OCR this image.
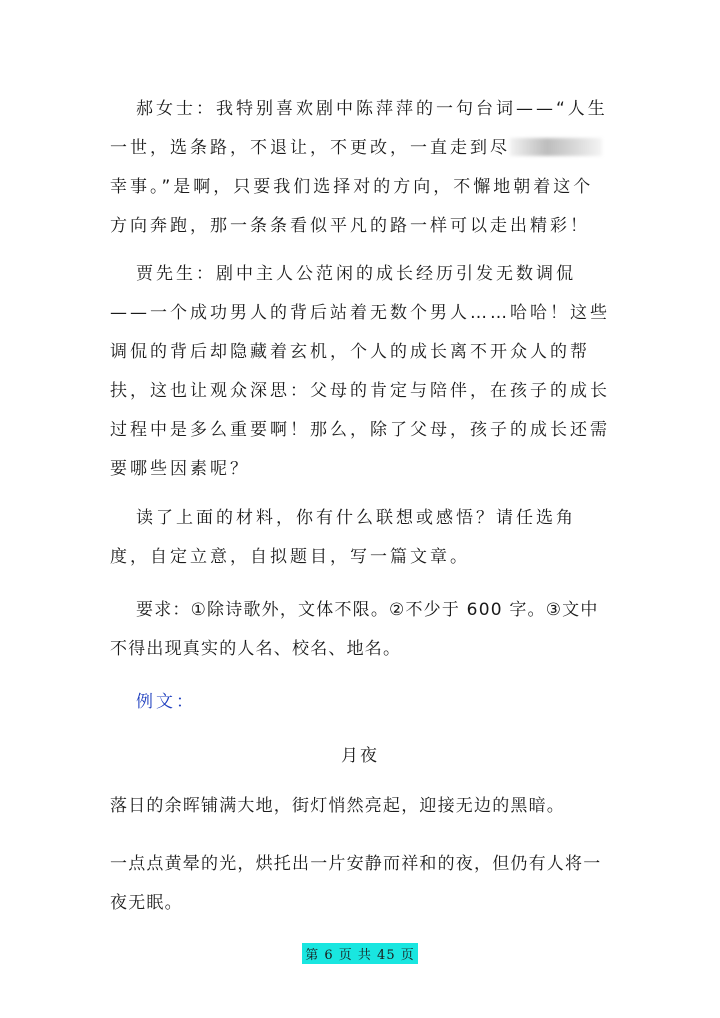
郝女士：我特别喜欢剧中陈萍萍的一句台词——“人生一世，选条路，不退让，不更改，一直走到尽幸事。”是啊，只要我们选择对的方向，不懈地朝着这个方向奔跑，那一条条看似平凡的路一样可以走出精彩！

贾先生：剧中主人公范闲的成长经历引发无数调侃——一个成功男人的背后站着无数个男人……哈哈！这些调侃的背后却隐藏着玄机，个人的成长离不开众人的帮扶，这也让观众深思：父母的肯定与陪伴，在孩子的成长过程中是多么重要啊！那么，除了父母，孩子的成长还需要哪些因素呢？

读了上面的材料，你有什么联想或感悟？请任选角度，自定立意，自拟题目，写一篇文章。

要求：①除诗歌外，文体不限。②不少于 600 字。③文中不得出现真实的人名、校名、地名。

例文：

月夜

落日的余晖铺满大地，街灯悄然亮起，迎接无边的黑暗。

一点点黄晕的光，烘托出一片安静而祥和的夜，但仍有人将一夜无眠。

第 6 页 共 45 页
